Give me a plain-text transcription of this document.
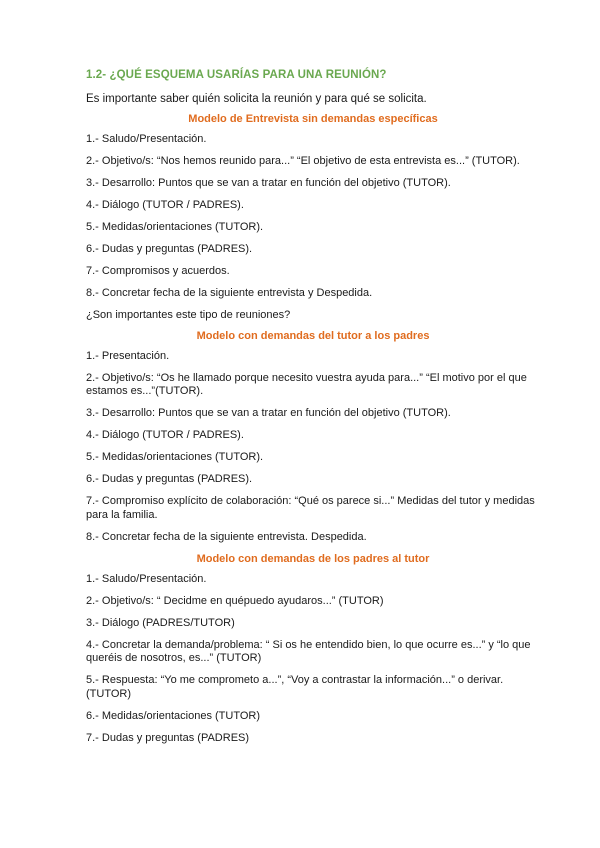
1.2- ¿QUÉ ESQUEMA USARÍAS PARA UNA REUNIÓN?
Es importante saber quién solicita la reunión y para qué se solicita.
Modelo de Entrevista sin demandas específicas
1.- Saludo/Presentación.
2.- Objetivo/s: “Nos hemos reunido para...” “El objetivo de esta entrevista es...” (TUTOR).
3.- Desarrollo: Puntos que se van a tratar en función del objetivo (TUTOR).
4.- Diálogo (TUTOR / PADRES).
5.- Medidas/orientaciones (TUTOR).
6.- Dudas y preguntas (PADRES).
7.- Compromisos y acuerdos.
8.- Concretar fecha de la siguiente entrevista y Despedida.
¿Son importantes este tipo de reuniones?
Modelo con demandas del tutor a los padres
1.- Presentación.
2.- Objetivo/s: “Os he llamado porque necesito vuestra ayuda para...” “El motivo por el que estamos es...”(TUTOR).
3.- Desarrollo: Puntos que se van a tratar en función del objetivo (TUTOR).
4.- Diálogo (TUTOR / PADRES).
5.- Medidas/orientaciones (TUTOR).
6.- Dudas y preguntas (PADRES).
7.- Compromiso explícito de colaboración: “Qué os parece si...” Medidas del tutor y medidas para la familia.
8.- Concretar fecha de la siguiente entrevista. Despedida.
Modelo con demandas de los padres al tutor
1.- Saludo/Presentación.
2.- Objetivo/s: “ Decidme en quépuedo ayudaros...” (TUTOR)
3.- Diálogo (PADRES/TUTOR)
4.- Concretar la demanda/problema: “ Si os he entendido bien, lo que ocurre es...” y “lo que queréis de nosotros, es...” (TUTOR)
5.- Respuesta: “Yo me comprometo a...”, “Voy a contrastar la información...” o derivar. (TUTOR)
6.- Medidas/orientaciones (TUTOR)
7.- Dudas y preguntas (PADRES)
